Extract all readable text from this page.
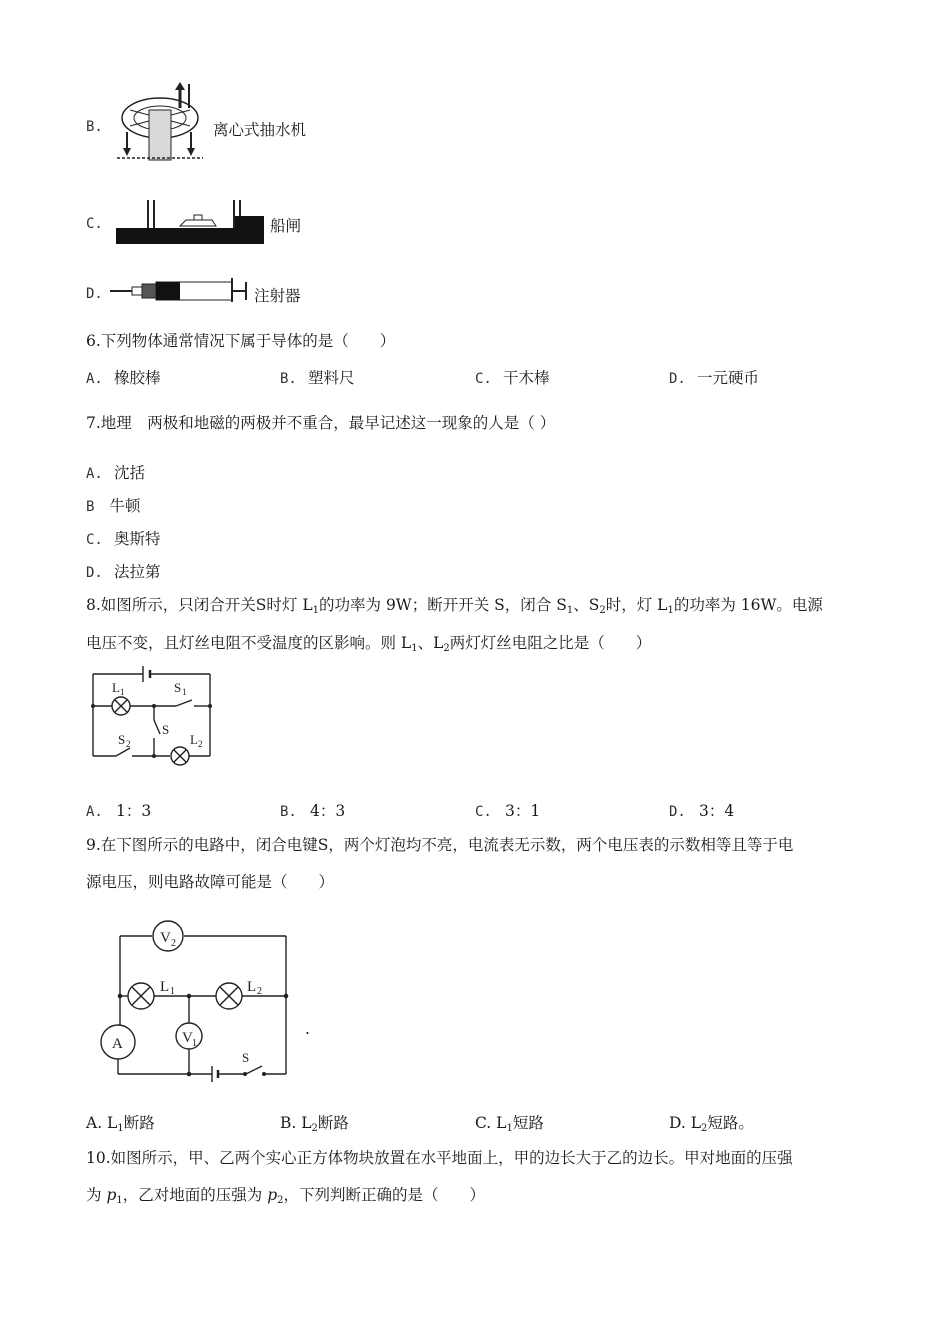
B.	离心式抽水机
C.	船闸
D.	注射器
6.下列物体通常情况下属于导体的是（　　）
A. 橡胶棒	B. 塑料尺	C. 干木棒	D. 一元硬币
7.地理　两极和地磁的两极并不重合，最早记述这一现象的人是（ ）
A. 沈括
B 牛顿
C. 奥斯特
D. 法拉第
8.如图所示，只闭合开关S时灯 $L_1$的功率为 9W；断开开关 S，闭合 $S_1$、$S_2$时，灯 $L_1$的功率为 16W。电源
电压不变，且灯丝电阻不受温度的区影响。则 $L_1$、$L_2$两灯灯丝电阻之比是（　　）
L 1	S 1
S
S 2	L 2
A. 1：3	B. 4：3	C. 3：1	D. 3：4
9.在下图所示的电路中，闭合电键S，两个灯泡均不亮，电流表无示数，两个电压表的示数相等且等于电
源电压，则电路故障可能是（　　）
V 2
L 1	L 2
V 1
A
S
.
A. $L_1$断路	B. $L_2$断路	C. $L_1$短路	D. $L_2$短路。
10.如图所示，甲、乙两个实心正方体物块放置在水平地面上，甲的边长大于乙的边长。甲对地面的压强
为 $p_1$，乙对地面的压强为 $p_2$，下列判断正确的是（　　）
